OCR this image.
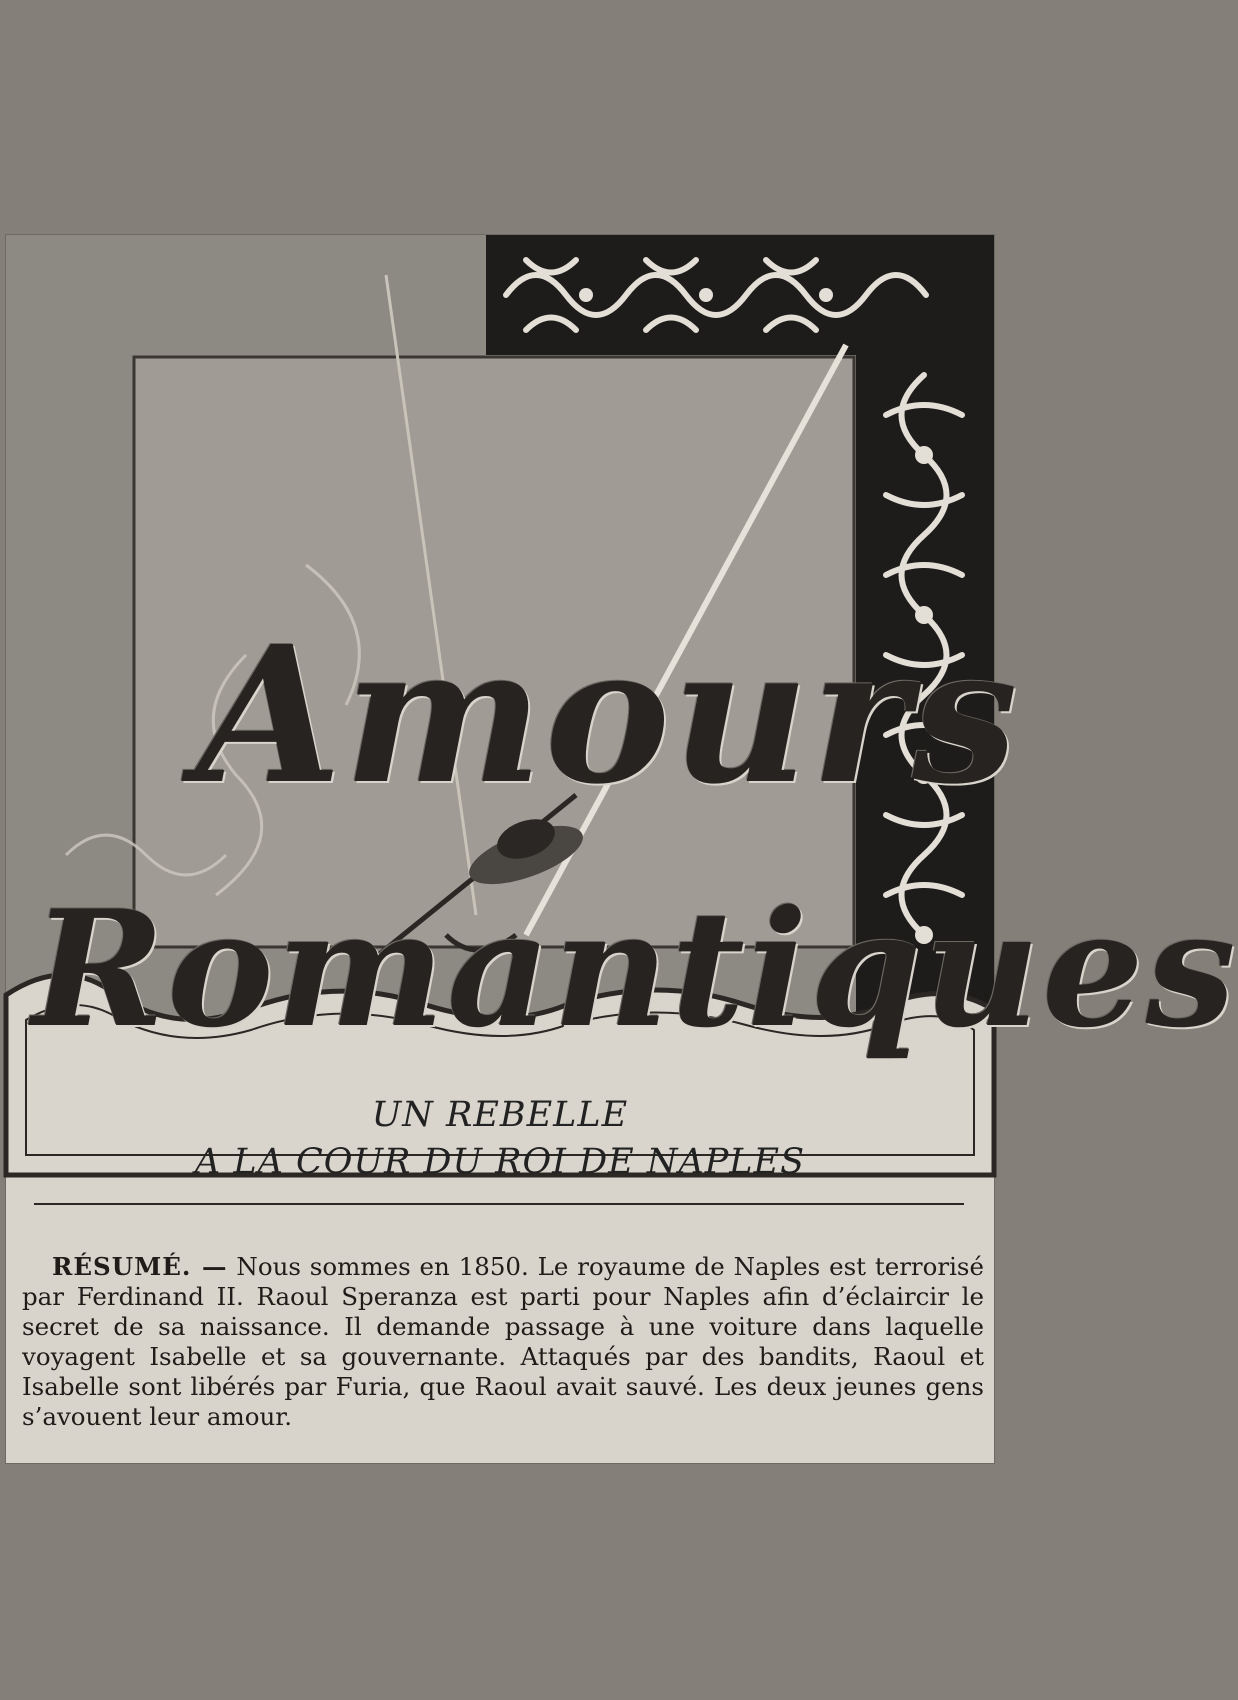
Amours
Romantiques
UN REBELLE
A LA COUR DU ROI DE NAPLES

RÉSUMÉ. — Nous sommes en 1850. Le royaume de Naples est terrorisé par Ferdinand II. Raoul Speranza est parti pour Naples afin d’éclaircir le secret de sa naissance. Il demande passage à une voiture dans laquelle voyagent Isabelle et sa gouvernante. Attaqués par des bandits, Raoul et Isabelle sont libérés par Furia, que Raoul avait sauvé. Les deux jeunes gens s’avouent leur amour.
